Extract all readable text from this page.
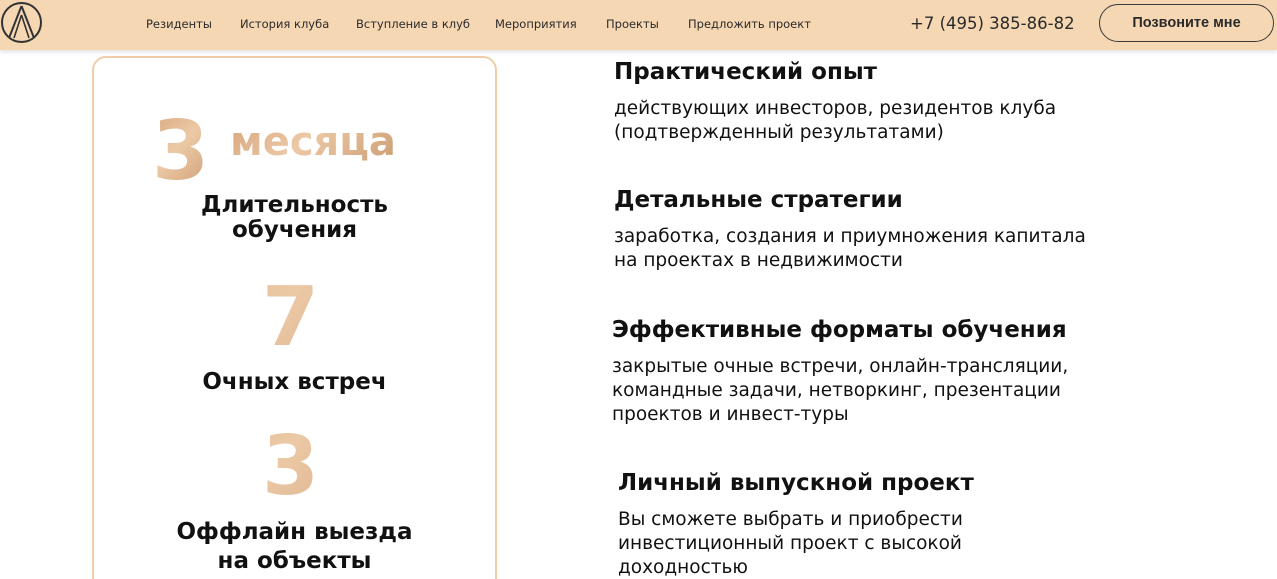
Резиденты История клуба Вступление в клуб Мероприятия	Проекты	Предложить проект	+7 (495) 385-86-82	Позвоните мне
3 месяца
Длительность
обучения
7
Очных встреч
3
Оффлайн выезда
на объекты
Практический опыт
действующих инвесторов, резидентов клуба
(подтвержденный результатами)
Детальные стратегии
заработка, создания и приумножения капитала
на проектах в недвижимости
Эффективные форматы обучения
закрытые очные встречи, онлайн-трансляции,
командные задачи, нетворкинг, презентации
проектов и инвест-туры
Личный выпускной проект
Вы сможете выбрать и приобрести
инвестиционный проект с высокой
доходностью
